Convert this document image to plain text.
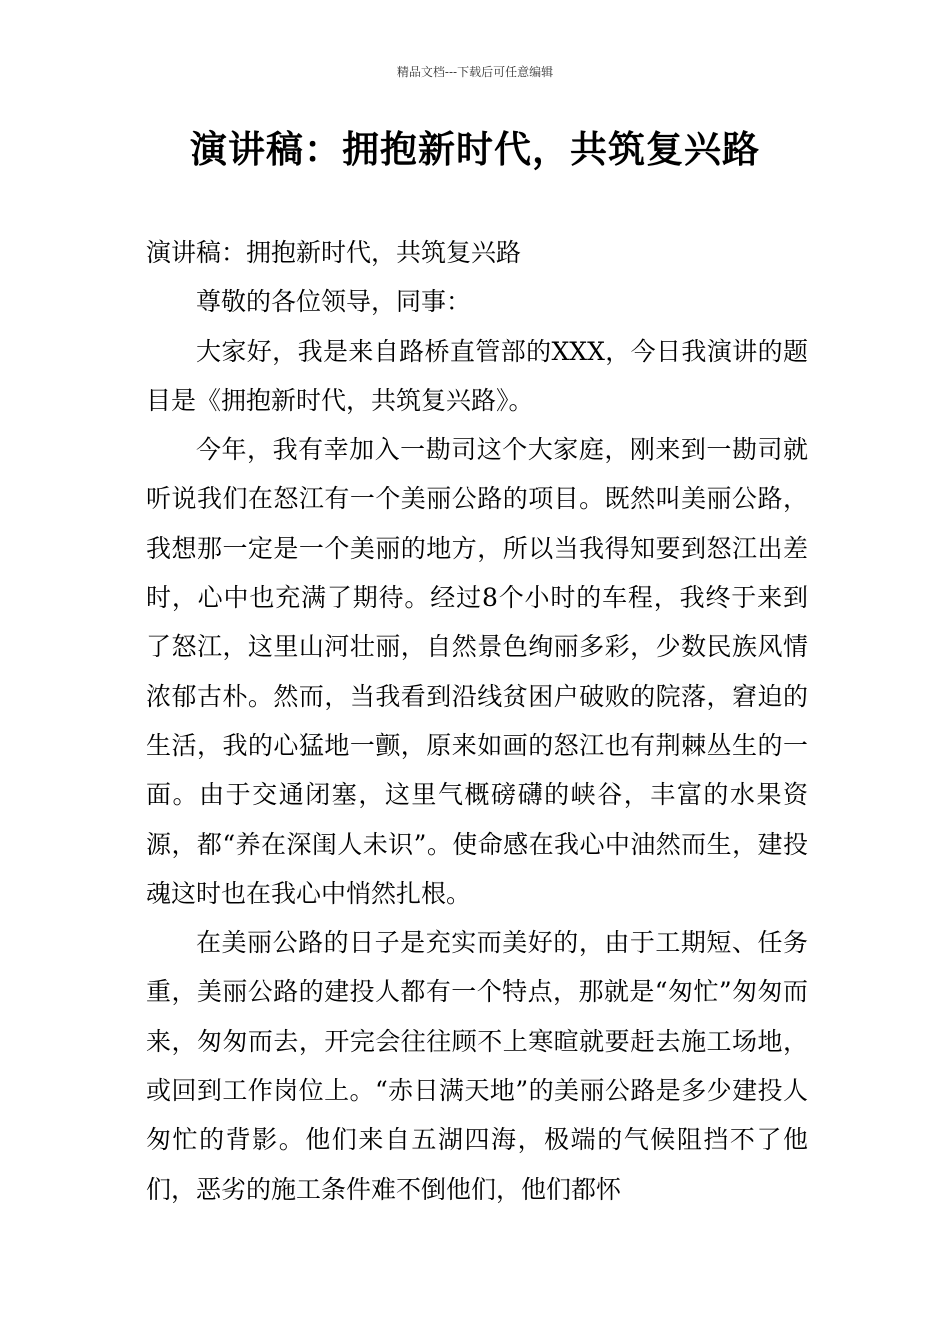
精品文档---下载后可任意编辑
演讲稿：拥抱新时代，共筑复兴路

演讲稿：拥抱新时代，共筑复兴路

尊敬的各位领导，同事：

大家好，我是来自路桥直管部的XXX，今日我演讲的题目是《拥抱新时代，共筑复兴路》。

今年，我有幸加入一勘司这个大家庭，刚来到一勘司就听说我们在怒江有一个美丽公路的项目。既然叫美丽公路，我想那一定是一个美丽的地方，所以当我得知要到怒江出差时，心中也充满了期待。经过8个小时的车程，我终于来到了怒江，这里山河壮丽，自然景色绚丽多彩，少数民族风情浓郁古朴。然而，当我看到沿线贫困户破败的院落，窘迫的生活，我的心猛地一颤，原来如画的怒江也有荆棘丛生的一面。由于交通闭塞，这里气概磅礴的峡谷，丰富的水果资源，都“养在深闺人未识”。使命感在我心中油然而生，建投魂这时也在我心中悄然扎根。

在美丽公路的日子是充实而美好的，由于工期短、任务重，美丽公路的建投人都有一个特点，那就是“匆忙”匆匆而来，匆匆而去，开完会往往顾不上寒暄就要赶去施工场地，或回到工作岗位上。“赤日满天地”的美丽公路是多少建投人匆忙的背影。他们来自五湖四海，极端的气候阻挡不了他们，恶劣的施工条件难不倒他们，他们都怀
